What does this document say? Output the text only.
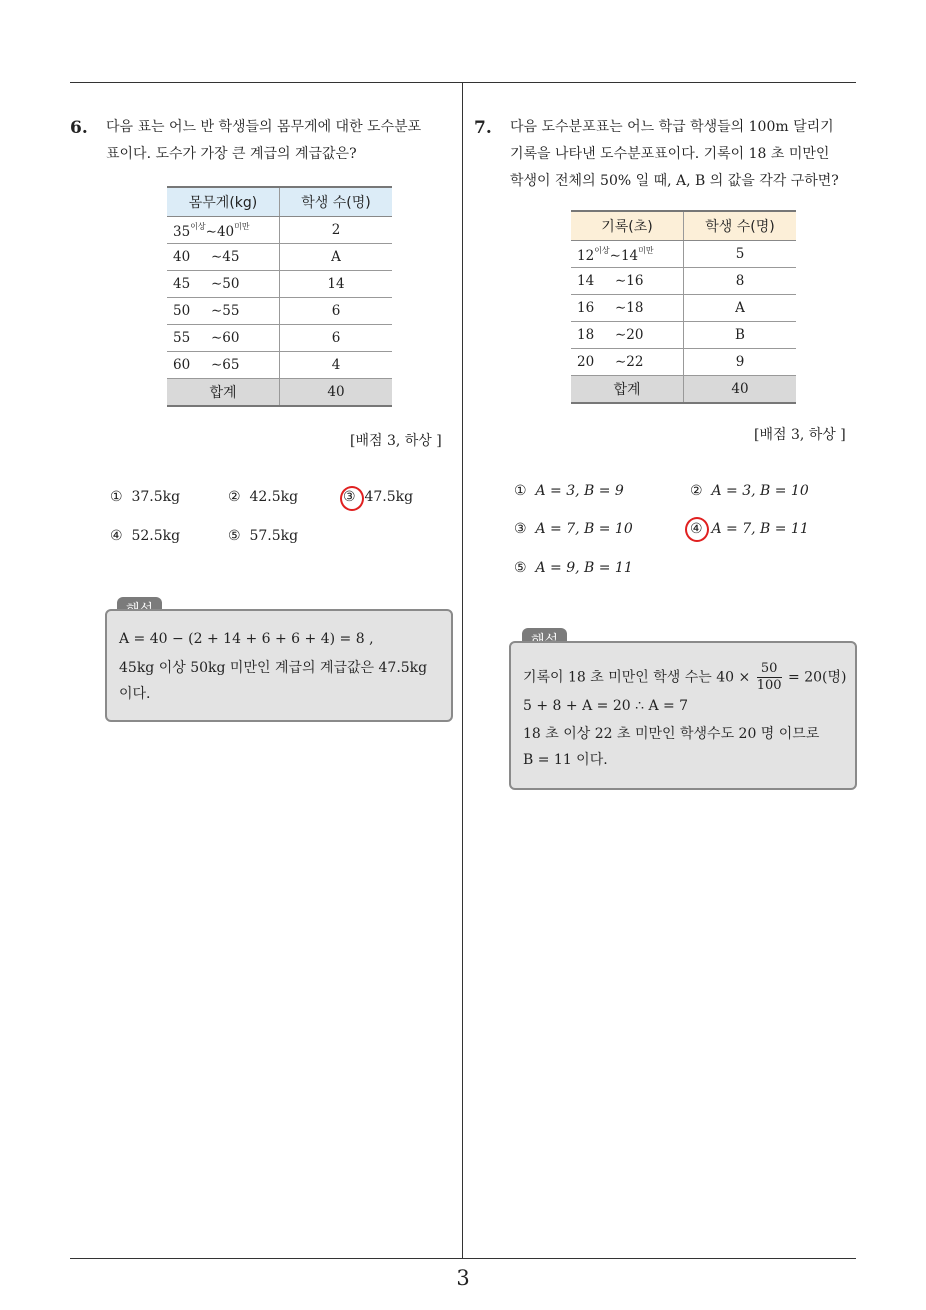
3
6. 다음 표는 어느 반 학생들의 몸무게에 대한 도수분포
표이다. 도수가 가장 큰 계급의 계급값은?
몸무게(kg)	학생 수(명)
$35^{이상}\sim 40^{미만}$	2
40 ∼45	A
45 ∼50	14
50 ∼55	6
55 ∼60	6
60 ∼65	4
합계	40
[배점 3, 하상 ]
① 37.5kg	② 42.5kg	③ 47.5kg
④ 52.5kg	⑤ 57.5kg
A = 40 − (2 + 14 + 6 + 6 + 4) = 8 ,
45kg 이상 50kg 미만인 계급의 계급값은 47.5kg
이다.
7. 다음 도수분포표는 어느 학급 학생들의 100m 달리기
기록을 나타낸 도수분포표이다. 기록이 18 초 미만인
학생이 전체의 50% 일 때, A, B 의 값을 각각 구하면?
기록(초)	학생 수(명)
$12^{이상}\sim 14^{미만}$	5
14 ∼16	8
16 ∼18	A
18 ∼20	B
20 ∼22	9
합계	40
[배점 3, 하상 ]
① A = 3, B = 9	② A = 3, B = 10
③ A = 7, B = 10	④ A = 7, B = 11
⑤ A = 9, B = 11
기록이 18 초 미만인 학생 수는 $40 \times \frac{50}{100} = 20$(명)
5 + 8 + A = 20 ∴ A = 7
18 초 이상 22 초 미만인 학생수도 20 명 이므로
B = 11 이다.
